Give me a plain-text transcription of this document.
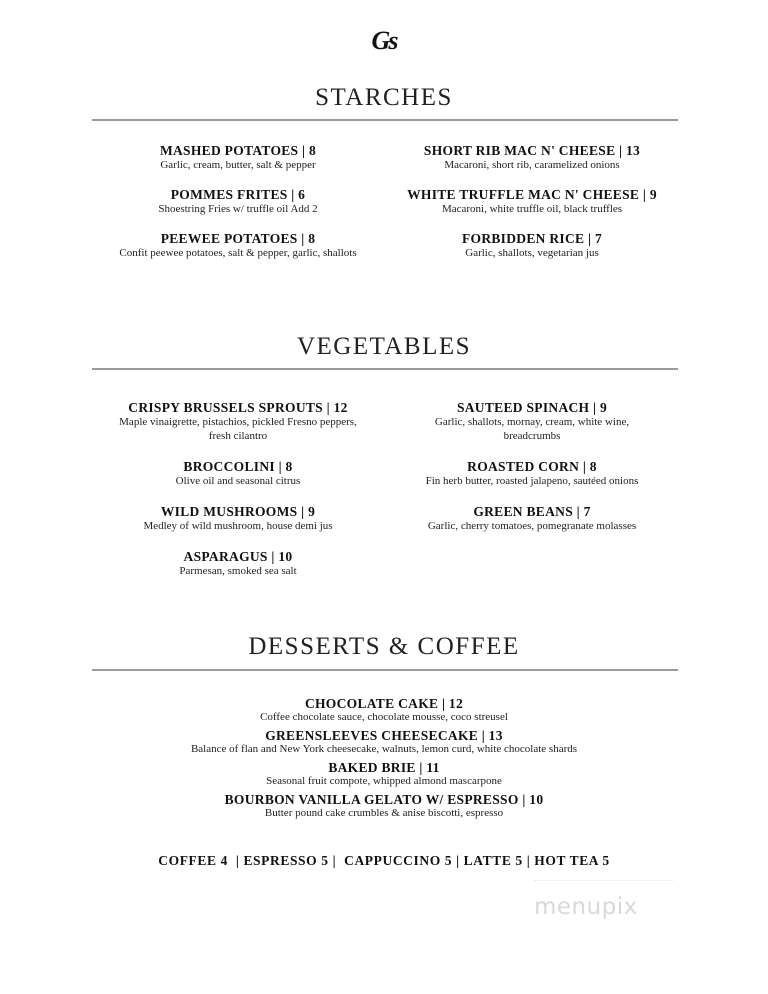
Gs
STARCHES
MASHED POTATOES | 8
Garlic, cream, butter, salt & pepper
POMMES FRITES | 6
Shoestring Fries w/ truffle oil Add 2
PEEWEE POTATOES | 8
Confit peewee potatoes, salt & pepper, garlic, shallots
SHORT RIB MAC N' CHEESE | 13
Macaroni, short rib, caramelized onions
WHITE TRUFFLE MAC N' CHEESE | 9
Macaroni, white truffle oil, black truffles
FORBIDDEN RICE | 7
Garlic, shallots, vegetarian jus
VEGETABLES
CRISPY BRUSSELS SPROUTS | 12
Maple vinaigrette, pistachios, pickled Fresno peppers, fresh cilantro
BROCCOLINI | 8
Olive oil and seasonal citrus
WILD MUSHROOMS | 9
Medley of wild mushroom, house demi jus
ASPARAGUS | 10
Parmesan, smoked sea salt
SAUTEED SPINACH | 9
Garlic, shallots, mornay, cream, white wine, breadcrumbs
ROASTED CORN | 8
Fin herb butter, roasted jalapeno, sautéed onions
GREEN BEANS | 7
Garlic, cherry tomatoes, pomegranate molasses
DESSERTS & COFFEE
CHOCOLATE CAKE | 12
Coffee chocolate sauce, chocolate mousse, coco streusel
GREENSLEEVES CHEESECAKE | 13
Balance of flan and New York cheesecake, walnuts, lemon curd, white chocolate shards
BAKED BRIE | 11
Seasonal fruit compote, whipped almond mascarpone
BOURBON VANILLA GELATO W/ ESPRESSO | 10
Butter pound cake crumbles & anise biscotti, espresso
COFFEE 4  | ESPRESSO 5 |  CAPPUCCINO 5 | LATTE 5 | HOT TEA 5
menupix
